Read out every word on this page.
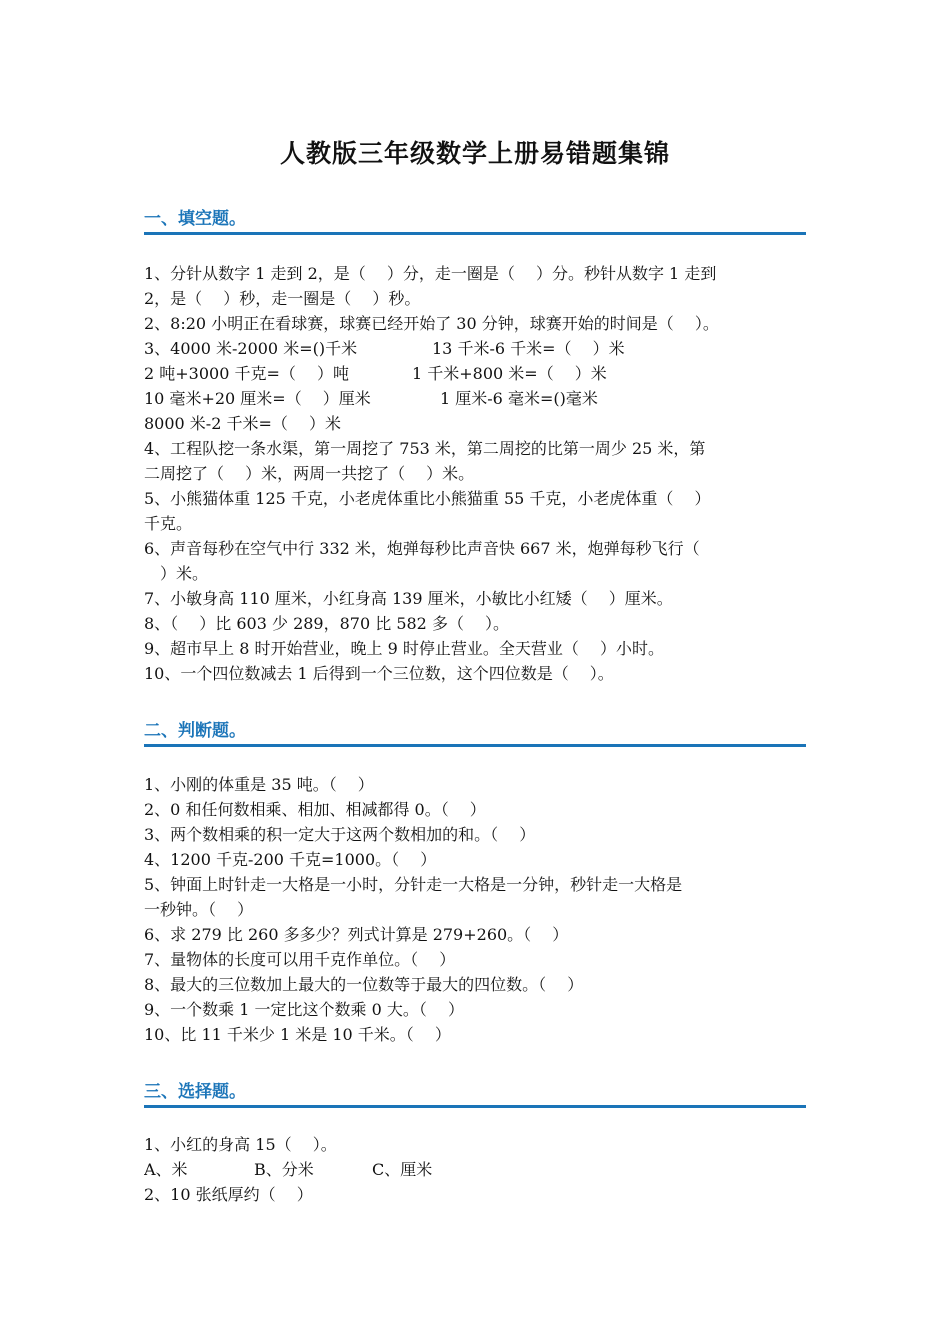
人教版三年级数学上册易错题集锦
一、填空题。
1、分针从数字 1 走到 2，是（　 ）分，走一圈是（　 ）分。秒针从数字 1 走到
2，是（　 ）秒，走一圈是（　 ）秒。
2、8:20 小明正在看球赛，球赛已经开始了 30 分钟，球赛开始的时间是（　 ）。
3、4000 米-2000 米=()千米	13 千米-6 千米=（　 ）米
2 吨+3000 千克=（　 ）吨	1 千米+800 米=（　 ）米
10 毫米+20 厘米=（　 ）厘米	1 厘米-6 毫米=()毫米
8000 米-2 千米=（　 ）米
4、工程队挖一条水渠，第一周挖了 753 米，第二周挖的比第一周少 25 米，第
二周挖了（　 ）米，两周一共挖了（　 ）米。
5、小熊猫体重 125 千克，小老虎体重比小熊猫重 55 千克，小老虎体重（　 ）
千克。
6、声音每秒在空气中行 332 米，炮弹每秒比声音快 667 米，炮弹每秒飞行（
　）米。
7、小敏身高 110 厘米，小红身高 139 厘米，小敏比小红矮（　 ）厘米。
8、（　 ）比 603 少 289，870 比 582 多（　 ）。
9、超市早上 8 时开始营业，晚上 9 时停止营业。全天营业（　 ）小时。
10、一个四位数减去 1 后得到一个三位数，这个四位数是（　 ）。
二、判断题。
1、小刚的体重是 35 吨。（　 ）
2、0 和任何数相乘、相加、相减都得 0。（　 ）
3、两个数相乘的积一定大于这两个数相加的和。（　 ）
4、1200 千克-200 千克=1000。（　 ）
5、钟面上时针走一大格是一小时，分针走一大格是一分钟，秒针走一大格是
一秒钟。（　 ）
6、求 279 比 260 多多少？列式计算是 279+260。（　 ）
7、量物体的长度可以用千克作单位。（　 ）
8、最大的三位数加上最大的一位数等于最大的四位数。（　 ）
9、一个数乘 1 一定比这个数乘 0 大。（　 ）
10、比 11 千米少 1 米是 10 千米。（　 ）
三、选择题。
1、小红的身高 15（　 ）。
A、米	B、分米	C、厘米
2、10 张纸厚约（　 ）
